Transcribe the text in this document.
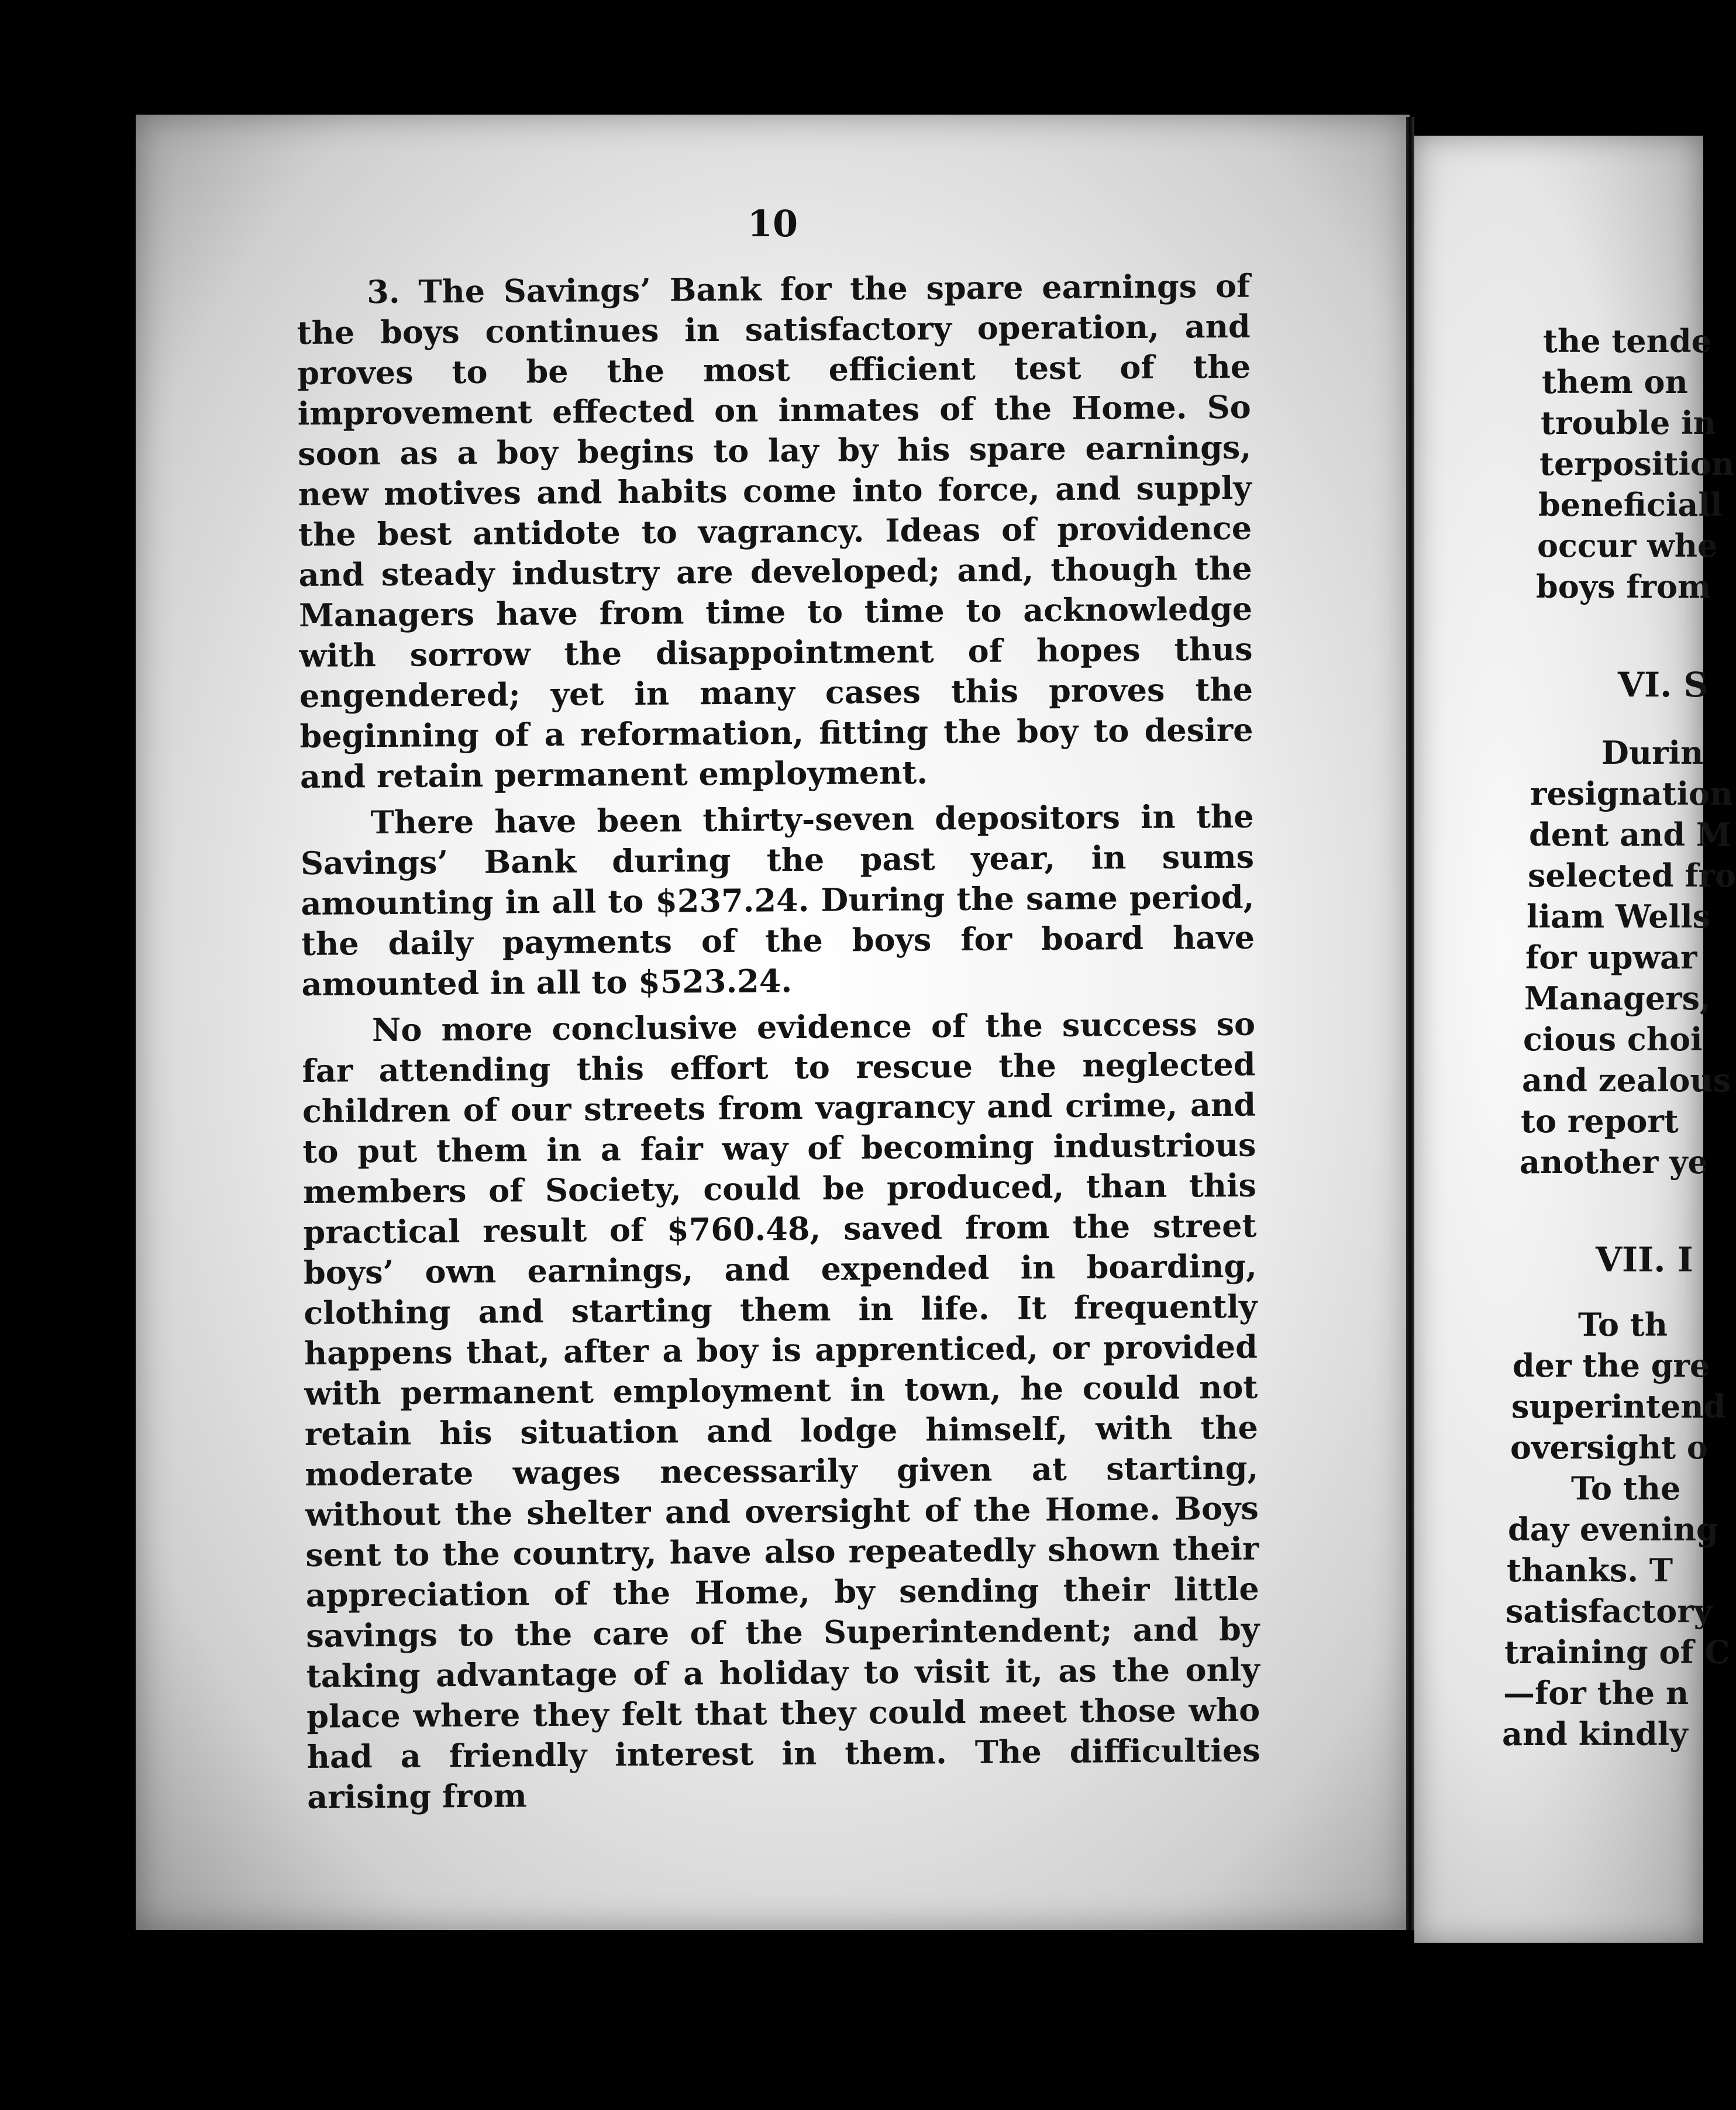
10

3. The Savings’ Bank for the spare earnings of the boys continues in satisfactory operation, and proves to be the most efficient test of the improvement effected on inmates of the Home. So soon as a boy begins to lay by his spare earnings, new motives and habits come into force, and supply the best antidote to vagrancy. Ideas of providence and steady industry are developed; and, though the Managers have from time to time to acknowledge with sorrow the disappointment of hopes thus engendered; yet in many cases this proves the beginning of a reformation, fitting the boy to desire and retain permanent employment.

There have been thirty-seven depositors in the Savings’ Bank during the past year, in sums amounting in all to $237.24. During the same period, the daily payments of the boys for board have amounted in all to $523.24.

No more conclusive evidence of the success so far attending this effort to rescue the neglected children of our streets from vagrancy and crime, and to put them in a fair way of becoming industrious members of Society, could be produced, than this practical result of $760.48, saved from the street boys’ own earnings, and expended in boarding, clothing and starting them in life. It frequently happens that, after a boy is apprenticed, or provided with permanent employment in town, he could not retain his situation and lodge himself, with the moderate wages necessarily given at starting, without the shelter and oversight of the Home. Boys sent to the country, have also repeatedly shown their appreciation of the Home, by sending their little savings to the care of the Superintendent; and by taking advantage of a holiday to visit it, as the only place where they felt that they could meet those who had a friendly interest in them. The difficulties arising from

the tende
them on
trouble in
terposition
beneficiall
occur whe
boys from
VI. S
Durin
resignation
dent and M
selected fro
liam Wells
for upwar
Managers,
cious choi
and zealous
to report
another ye
VII. I
To th
der the gre
superintend
oversight o
To the
day evening
thanks. T
satisfactory
training of C
—for the n
and kindly
